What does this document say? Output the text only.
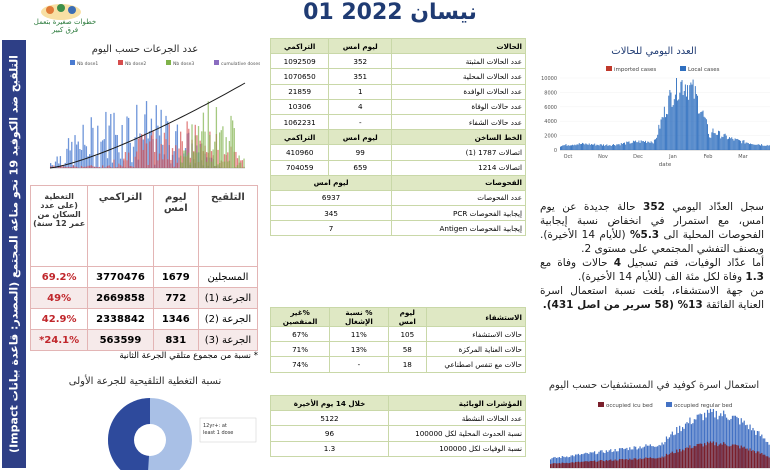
01 نيسان 2022
خطوات صغيرة بتعمل فرق كبير
التلقيح ضد الكوفيد 19 نحو مناعة المجتمع (المصدر: قاعدة بيانات Impact)
عدد الجرعات حسب اليوم
Nb dose1	Nb dose2	Nb dose3	cumulative doses
التلقيح	ليوم امس	التراكمي	التغطية (على عدد السكان من عمر 12 سنة)
المسجلين	1679	3770476	69.2%
الجرعة (1)	772	2669858	49%
الجرعة (2)	1346	2338842	42.9%
الجرعة (3)	831	563599	24.1%*
* نسبة من مجموع متلقي الجرعة الثانية
نسبة التغطية التلقيحية للجرعة الأولى
12yr+: at
least 1 dose
الحالات	ليوم امس	التراكمي
عدد الحالات المثبتة	352	1092509
عدد الحالات المحلية	351	1070650
عدد الحالات الوافدة	1	21859
عدد حالات الوفاة	4	10306
عدد حالات الشفاء	-	1062231
الخط الساخن	ليوم امس	التراكمي
اتصالات 1787 (1)	99	410960
اتصالات 1214	659	704059
الفحوصات	ليوم امس	
عدد الفحوصات	6937	
إيجابية الفحوصات PCR	345	
إيجابية الفحوصات Antigen	7	
الاستشفاء	ليوم امس	% نسبة الإشغال	%غير المنفصين
حالات الاستشفاء	105	11%	67%
حالات العناية المركزة	58	13%	71%
حالات مع تنفس اصطناعي	18	-	74%
المؤشرات الوبائية	خلال 14 يوم الأخيرة
عدد الحالات النشطة	5122
نسبة الحدوث المحلية لكل 100000	96
نسبة الوفيات لكل 100000	1.3
العدد اليومي للحالات
imported cases	Local cases
0
2000
4000
6000
8000
10000
Oct	Nov	Dec	Jan	Feb	Mar
date
سجل العدّاد اليومي 352 حالة جديدة عن يوم امس، مع استمرار في انخفاض نسبة إيجابية الفحوصات المحلية الى 5.3% (للأيام 14 الأخيرة). ويصنف التفشي المجتمعي على مستوى 2.
أما عدّاد الوفيات، فتم تسجيل 4 حالات وفاة مع 1.3 وفاة لكل مئة الف (للأيام 14 الأخيرة).
من جهة الاستشفاء، بلغت نسبة استعمال اسرة العناية الفائقة 13% (58 سرير من اصل 431).
استعمال اسرة كوفيد في المستشفيات حسب اليوم
occupied icu bed	occupied regular bed
